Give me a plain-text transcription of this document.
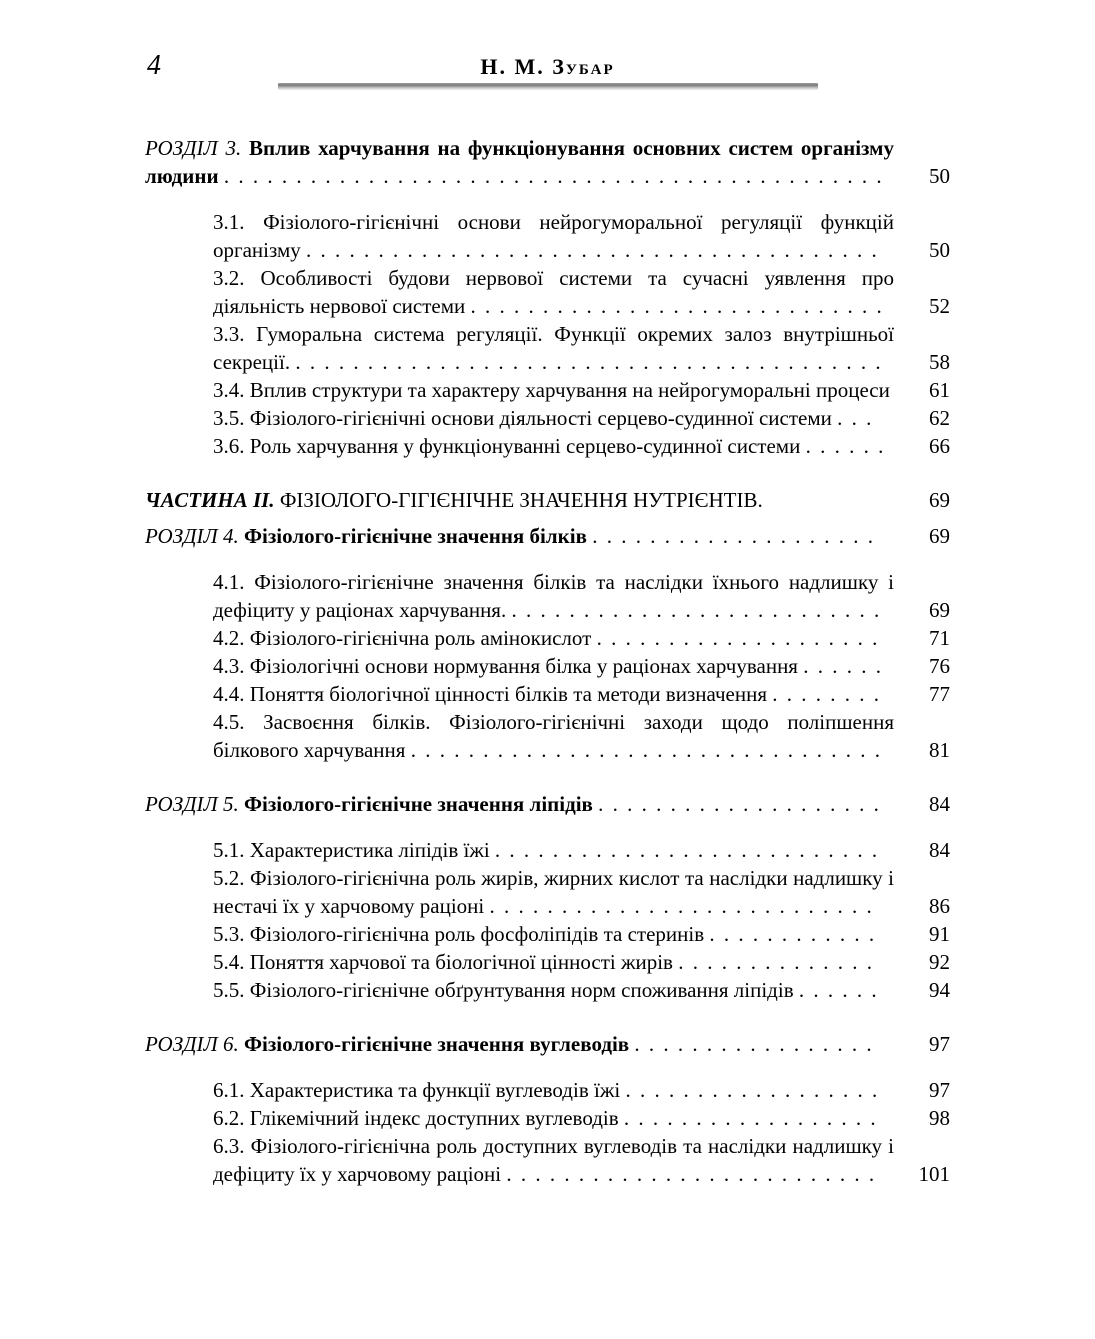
4	Н. М. Зубар
РОЗДІЛ 3. Вплив харчування на функціонування основних систем організму людини . . . . . . . . . . . . . . . . . . . . . . . . . . . . . . . . . . . . . . . . . . . . . .	50
3.1. Фізіолого-гігієнічні основи нейрогуморальної регуляції функцій організму . . . . . . . . . . . . . . . . . . . . . . . . . . . . . . . . . . . . . . . .	50
3.2. Особливості будови нервової системи та сучасні уявлення про діяльність нервової системи . . . . . . . . . . . . . . . . . . . . . . . . . . . . .	52
3.3. Гуморальна система регуляції. Функції окремих залоз внутрішньої секреції. . . . . . . . . . . . . . . . . . . . . . . . . . . . . . . . . . . . . . . . . .	58
3.4. Вплив структури та характеру харчування на нейрогуморальні процеси	61
3.5. Фізіолого-гігієнічні основи діяльності серцево-судинної системи . . .	62
3.6. Роль харчування у функціонуванні серцево-судинної системи . . . . . .	66
ЧАСТИНА II. ФІЗІОЛОГО-ГІГІЄНІЧНЕ ЗНАЧЕННЯ НУТРІЄНТІВ.	69
РОЗДІЛ 4. Фізіолого-гігієнічне значення білків . . . . . . . . . . . . . . . . . . . .	69
4.1. Фізіолого-гігієнічне значення білків та наслідки їхнього надлишку і дефіциту у раціонах харчування. . . . . . . . . . . . . . . . . . . . . . . . . . .	69
4.2. Фізіолого-гігієнічна роль амінокислот . . . . . . . . . . . . . . . . . . . .	71
4.3. Фізіологічні основи нормування білка у раціонах харчування . . . . . .	76
4.4. Поняття біологічної цінності білків та методи визначення . . . . . . . .	77
4.5. Засвоєння білків. Фізіолого-гігієнічні заходи щодо поліпшення білкового харчування . . . . . . . . . . . . . . . . . . . . . . . . . . . . . . . . .	81
РОЗДІЛ 5. Фізіолого-гігієнічне значення ліпідів . . . . . . . . . . . . . . . . . . . .	84
5.1. Характеристика ліпідів їжі . . . . . . . . . . . . . . . . . . . . . . . . . . .	84
5.2. Фізіолого-гігієнічна роль жирів, жирних кислот та наслідки надлишку і нестачі їх у харчовому раціоні . . . . . . . . . . . . . . . . . . . . . . . . . . .	86
5.3. Фізіолого-гігієнічна роль фосфоліпідів та стеринів . . . . . . . . . . . .	91
5.4. Поняття харчової та біологічної цінності жирів . . . . . . . . . . . . . .	92
5.5. Фізіолого-гігієнічне обґрунтування норм споживання ліпідів . . . . . .	94
РОЗДІЛ 6. Фізіолого-гігієнічне значення вуглеводів . . . . . . . . . . . . . . . . .	97
6.1. Характеристика та функції вуглеводів їжі . . . . . . . . . . . . . . . . . .	97
6.2. Глікемічний індекс доступних вуглеводів . . . . . . . . . . . . . . . . . .	98
6.3. Фізіолого-гігієнічна роль доступних вуглеводів та наслідки надлишку і дефіциту їх у харчовому раціоні . . . . . . . . . . . . . . . . . . . . . . . . . .	101
